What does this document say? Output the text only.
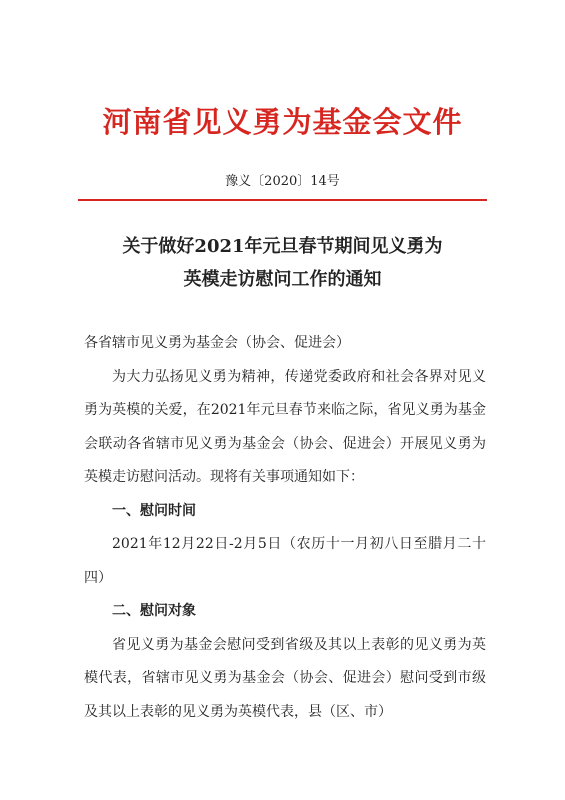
河南省见义勇为基金会文件
豫义〔2020〕14号
关于做好2021年元旦春节期间见义勇为
英模走访慰问工作的通知

各省辖市见义勇为基金会（协会、促进会）

为大力弘扬见义勇为精神，传递党委政府和社会各界对见义勇为英模的关爱，在2021年元旦春节来临之际，省见义勇为基金会联动各省辖市见义勇为基金会（协会、促进会）开展见义勇为英模走访慰问活动。现将有关事项通知如下：

一、慰问时间

2021年12月22日-2月5日（农历十一月初八日至腊月二十四）

二、慰问对象

省见义勇为基金会慰问受到省级及其以上表彰的见义勇为英模代表，省辖市见义勇为基金会（协会、促进会）慰问受到市级及其以上表彰的见义勇为英模代表，县（区、市）
